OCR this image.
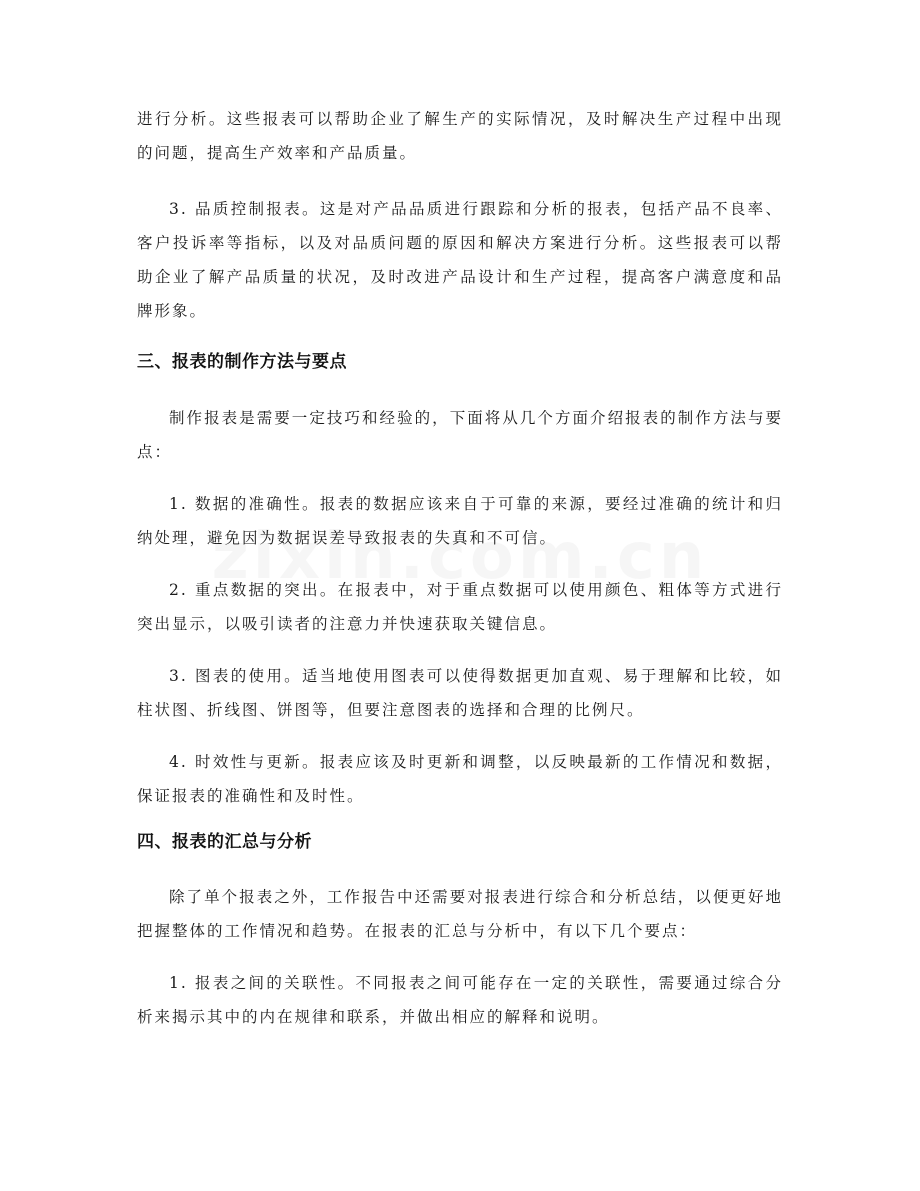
进行分析。这些报表可以帮助企业了解生产的实际情况，及时解决生产过程中出现的问题，提高生产效率和产品质量。

3. 品质控制报表。这是对产品品质进行跟踪和分析的报表，包括产品不良率、客户投诉率等指标，以及对品质问题的原因和解决方案进行分析。这些报表可以帮助企业了解产品质量的状况，及时改进产品设计和生产过程，提高客户满意度和品牌形象。

三、报表的制作方法与要点

制作报表是需要一定技巧和经验的，下面将从几个方面介绍报表的制作方法与要点：

1. 数据的准确性。报表的数据应该来自于可靠的来源，要经过准确的统计和归纳处理，避免因为数据误差导致报表的失真和不可信。

2. 重点数据的突出。在报表中，对于重点数据可以使用颜色、粗体等方式进行突出显示，以吸引读者的注意力并快速获取关键信息。

3. 图表的使用。适当地使用图表可以使得数据更加直观、易于理解和比较，如柱状图、折线图、饼图等，但要注意图表的选择和合理的比例尺。

4. 时效性与更新。报表应该及时更新和调整，以反映最新的工作情况和数据，保证报表的准确性和及时性。

四、报表的汇总与分析

除了单个报表之外，工作报告中还需要对报表进行综合和分析总结，以便更好地把握整体的工作情况和趋势。在报表的汇总与分析中，有以下几个要点：

1. 报表之间的关联性。不同报表之间可能存在一定的关联性，需要通过综合分析来揭示其中的内在规律和联系，并做出相应的解释和说明。
